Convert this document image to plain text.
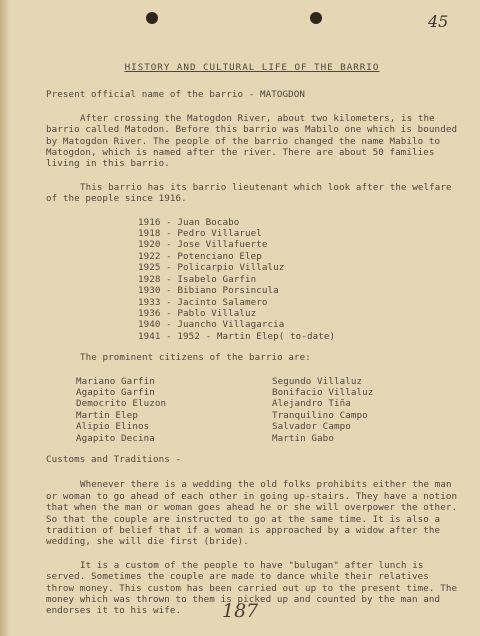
45
HISTORY AND CULTURAL LIFE OF THE BARRIO

Present official name of the barrio - MATOGDON

After crossing the Matogdon River, about two kilometers, is the barrio called Matodon. Before this barrio was Mabilo one which is bounded by Matogdon River. The people of the barrio changed the name Mabilo to Matogdon, which is named after the river. There are about 50 families living in this barrio.

This barrio has its barrio lieutenant which look after the welfare of the people since 1916.

1916 - Juan Bocabo
1918 - Pedro Villaruel
1920 - Jose Villafuerte
1922 - Potenciano Elep
1925 - Policarpio Villaluz
1928 - Isabelo Garfin
1930 - Bibiano Porsincula
1933 - Jacinto Salamero
1936 - Pablo Villaluz
1940 - Juancho Villagarcia
1941 - 1952 - Martin Elep( to-date)

The prominent citizens of the barrio are:

Mariano Garfin	Segundo Villaluz
Agapito Garfin	Bonifacio Villaluz
Democrito Eluzon	Alejandro Tiña
Martin Elep	Tranquilino Campo
Alipio Elinos	Salvador Campo
Agapito Decina	Martin Gabo
Customs and Traditions -

Whenever there is a wedding the old folks prohibits either the man or woman to go ahead of each other in going up-stairs. They have a notion that when the man or woman goes ahead he or she will overpower the other. So that the couple are instructed to go at the same time. It is also a tradition of belief that if a woman is approached by a widow after the wedding, she will die first (bride).

It is a custom of the people to have "bulugan" after lunch is served. Sometimes the couple are made to dance while their relatives throw money. This custom has been carried out up to the present time. The money which was thrown to them is picked up and counted by the man and endorses it to his wife.	187
